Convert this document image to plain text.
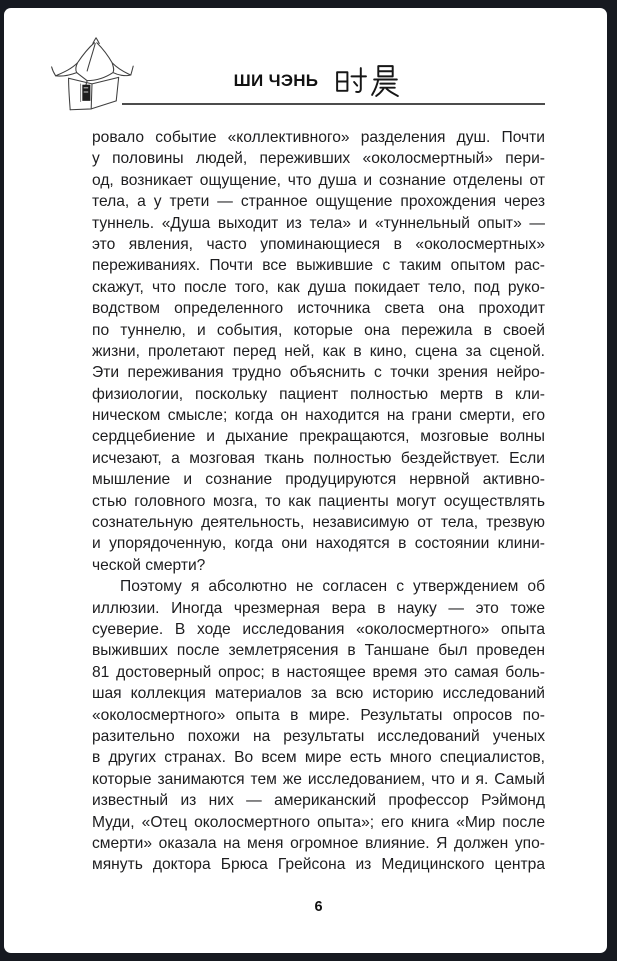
ШИ ЧЭНЬ
ровало событие «коллективного» разделения душ. Почти
у половины людей, переживших «околосмертный» пери-
од, возникает ощущение, что душа и сознание отделены от
тела, а у трети — странное ощущение прохождения через
туннель. «Душа выходит из тела» и «туннельный опыт» —
это явления, часто упоминающиеся в «околосмертных»
переживаниях. Почти все выжившие с таким опытом рас-
скажут, что после того, как душа покидает тело, под руко-
водством определенного источника света она проходит
по туннелю, и события, которые она пережила в своей
жизни, пролетают перед ней, как в кино, сцена за сценой.
Эти переживания трудно объяснить с точки зрения нейро-
физиологии, поскольку пациент полностью мертв в кли-
ническом смысле; когда он находится на грани смерти, его
сердцебиение и дыхание прекращаются, мозговые волны
исчезают, а мозговая ткань полностью бездействует. Если
мышление и сознание продуцируются нервной активно-
стью головного мозга, то как пациенты могут осуществлять
сознательную деятельность, независимую от тела, трезвую
и упорядоченную, когда они находятся в состоянии клини-
ческой смерти?
Поэтому я абсолютно не согласен с утверждением об
иллюзии. Иногда чрезмерная вера в науку — это тоже
суеверие. В ходе исследования «околосмертного» опыта
выживших после землетрясения в Таншане был проведен
81 достоверный опрос; в настоящее время это самая боль-
шая коллекция материалов за всю историю исследований
«околосмертного» опыта в мире. Результаты опросов по-
разительно похожи на результаты исследований ученых
в других странах. Во всем мире есть много специалистов,
которые занимаются тем же исследованием, что и я. Самый
известный из них — американский профессор Рэймонд
Муди, «Отец околосмертного опыта»; его книга «Мир после
смерти» оказала на меня огромное влияние. Я должен упо-
мянуть доктора Брюса Грейсона из Медицинского центра
6
